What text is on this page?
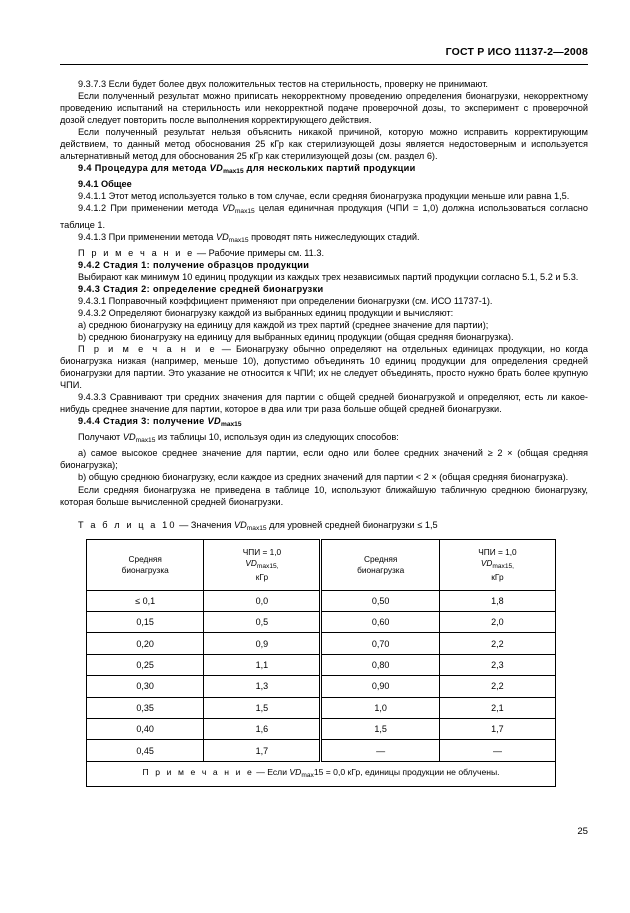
ГОСТ Р ИСО 11137-2—2008

9.3.7.3 Если будет более двух положительных тестов на стерильность, проверку не принимают.

Если полученный результат можно приписать некорректному проведению определения бионагрузки, некорректному проведению испытаний на стерильность или некорректной подаче проверочной дозы, то эксперимент с проверочной дозой следует повторить после выполнения корректирующего действия.

Если полученный результат нельзя объяснить никакой причиной, которую можно исправить корректирующим действием, то данный метод обоснования 25 кГр как стерилизующей дозы является недостоверным и используется альтернативный метод для обоснования 25 кГр как стерилизующей дозы (см. раздел 6).

9.4 Процедура для метода $VD_{max15}$ для нескольких партий продукции

9.4.1 Общее

9.4.1.1 Этот метод используется только в том случае, если средняя бионагрузка продукции меньше или равна 1,5.

9.4.1.2 При применении метода $VD_{max15}$ целая единичная продукция (ЧПИ = 1,0) должна использоваться согласно таблице 1.

9.4.1.3 При применении метода $VD_{max15}$ проводят пять нижеследующих стадий.

П р и м е ч а н и е — Рабочие примеры см. 11.3.

9.4.2 Стадия 1: получение образцов продукции

Выбирают как минимум 10 единиц продукции из каждых трех независимых партий продукции согласно 5.1, 5.2 и 5.3.

9.4.3 Стадия 2: определение средней бионагрузки

9.4.3.1 Поправочный коэффициент применяют при определении бионагрузки (см. ИСО 11737-1).

9.4.3.2 Определяют бионагрузку каждой из выбранных единиц продукции и вычисляют:

a) среднюю бионагрузку на единицу для каждой из трех партий (среднее значение для партии);

b) среднюю бионагрузку на единицу для выбранных единиц продукции (общая средняя бионагрузка).

П р и м е ч а н и е — Бионагрузку обычно определяют на отдельных единицах продукции, но когда бионагрузка низкая (например, меньше 10), допустимо объединять 10 единиц продукции для определения средней бионагрузки для партии. Это указание не относится к ЧПИ; их не следует объединять, просто нужно брать более крупную ЧПИ.

9.4.3.3 Сравнивают три средних значения для партии с общей средней бионагрузкой и определяют, есть ли какое-нибудь среднее значение для партии, которое в два или три раза больше общей средней бионагрузки.

9.4.4 Стадия 3: получение $VD_{max15}$

Получают $VD_{max15}$ из таблицы 10, используя один из следующих способов:

a) самое высокое среднее значение для партии, если одно или более средних значений ≥ 2 × (общая средняя бионагрузка);

b) общую среднюю бионагрузку, если каждое из средних значений для партии < 2 × (общая средняя бионагрузка).

Если средняя бионагрузка не приведена в таблице 10, используют ближайшую табличную среднюю бионагрузку, которая больше вычисленной средней бионагрузки.

Т а б л и ц а 10 — Значения $VD_{max15}$ для уровней средней бионагрузки ≤ 1,5

Средняя
бионагрузка

ЧПИ = 1,0
$VD_{max15,}$
кГр

Средняя
бионагрузка

ЧПИ = 1,0
$VD_{max15,}$
кГр

≤ 0,1	0,0	0,50	1,8
0,15	0,5	0,60	2,0
0,20	0,9	0,70	2,2
0,25	1,1	0,80	2,3
0,30	1,3	0,90	2,2
0,35	1,5	1,0	2,1
0,40	1,6	1,5	1,7
0,45	1,7	—	—
П р и м е ч а н и е — Если $VD_{max}15 = 0,0$ кГр, единицы продукции не облучены.			
25
